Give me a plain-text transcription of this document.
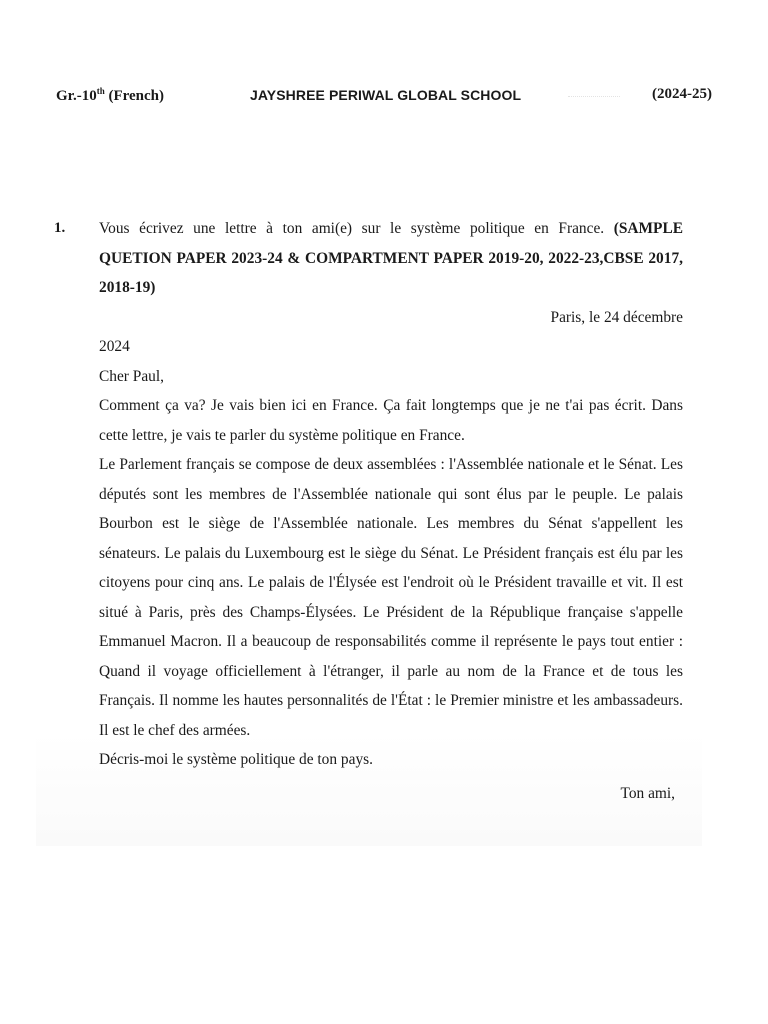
Gr.-10th (French)	JAYSHREE PERIWAL GLOBAL SCHOOL	(2024-25)
1. Vous écrivez une lettre à ton ami(e) sur le système politique en France. (SAMPLE QUETION PAPER 2023-24 & COMPARTMENT PAPER 2019-20, 2022-23,CBSE 2017, 2018-19)
Paris, le 24 décembre
2024
Cher Paul,
Comment ça va? Je vais bien ici en France. Ça fait longtemps que je ne t'ai pas écrit. Dans cette lettre, je vais te parler du système politique en France.
Le Parlement français se compose de deux assemblées : l'Assemblée nationale et le Sénat. Les députés sont les membres de l'Assemblée nationale qui sont élus par le peuple. Le palais Bourbon est le siège de l'Assemblée nationale. Les membres du Sénat s'appellent les sénateurs. Le palais du Luxembourg est le siège du Sénat. Le Président français est élu par les citoyens pour cinq ans. Le palais de l'Élysée est l'endroit où le Président travaille et vit. Il est situé à Paris, près des Champs-Élysées. Le Président de la République française s'appelle Emmanuel Macron. Il a beaucoup de responsabilités comme il représente le pays tout entier : Quand il voyage officiellement à l'étranger, il parle au nom de la France et de tous les Français. Il nomme les hautes personnalités de l'État : le Premier ministre et les ambassadeurs. Il est le chef des armées.
Décris-moi le système politique de ton pays.
Ton ami,
